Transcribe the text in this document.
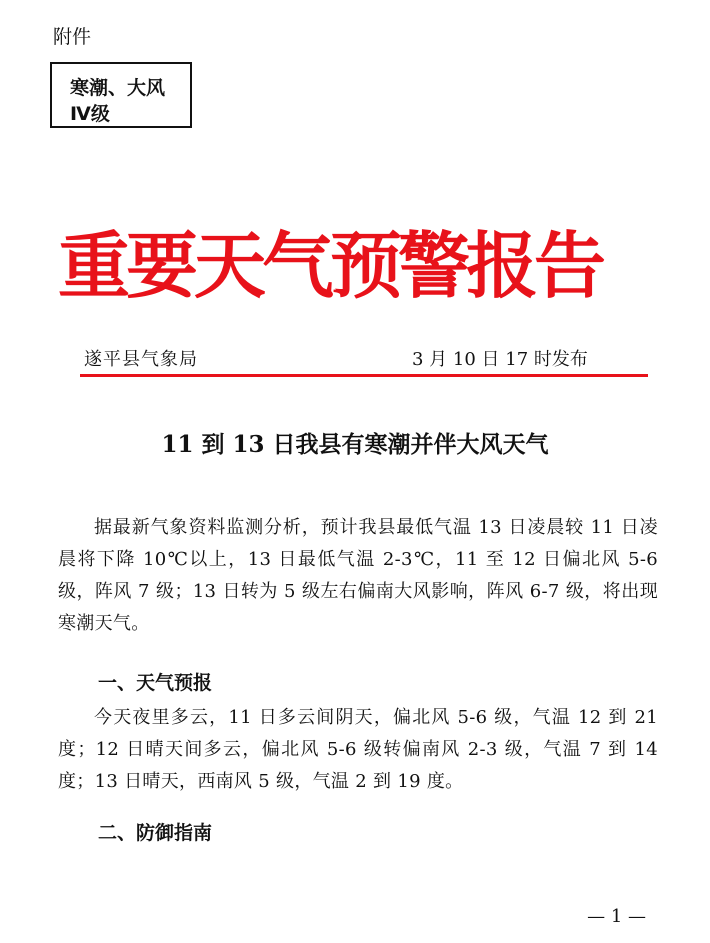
附件
寒潮、大风
Ⅳ级
重要天气预警报告
遂平县气象局	3 月 10 日 17 时发布
11 到 13 日我县有寒潮并伴大风天气
据最新气象资料监测分析，预计我县最低气温 13 日凌晨较 11 日凌晨将下降 10℃以上，13 日最低气温 2-3℃，11 至 12 日偏北风 5-6 级，阵风 7 级；13 日转为 5 级左右偏南大风影响，阵风 6-7 级，将出现寒潮天气。
一、天气预报
今天夜里多云，11 日多云间阴天，偏北风 5-6 级，气温 12 到 21 度；12 日晴天间多云，偏北风 5-6 级转偏南风 2-3 级，气温 7 到 14 度；13 日晴天，西南风 5 级，气温 2 到 19 度。
二、防御指南
— 1 —
